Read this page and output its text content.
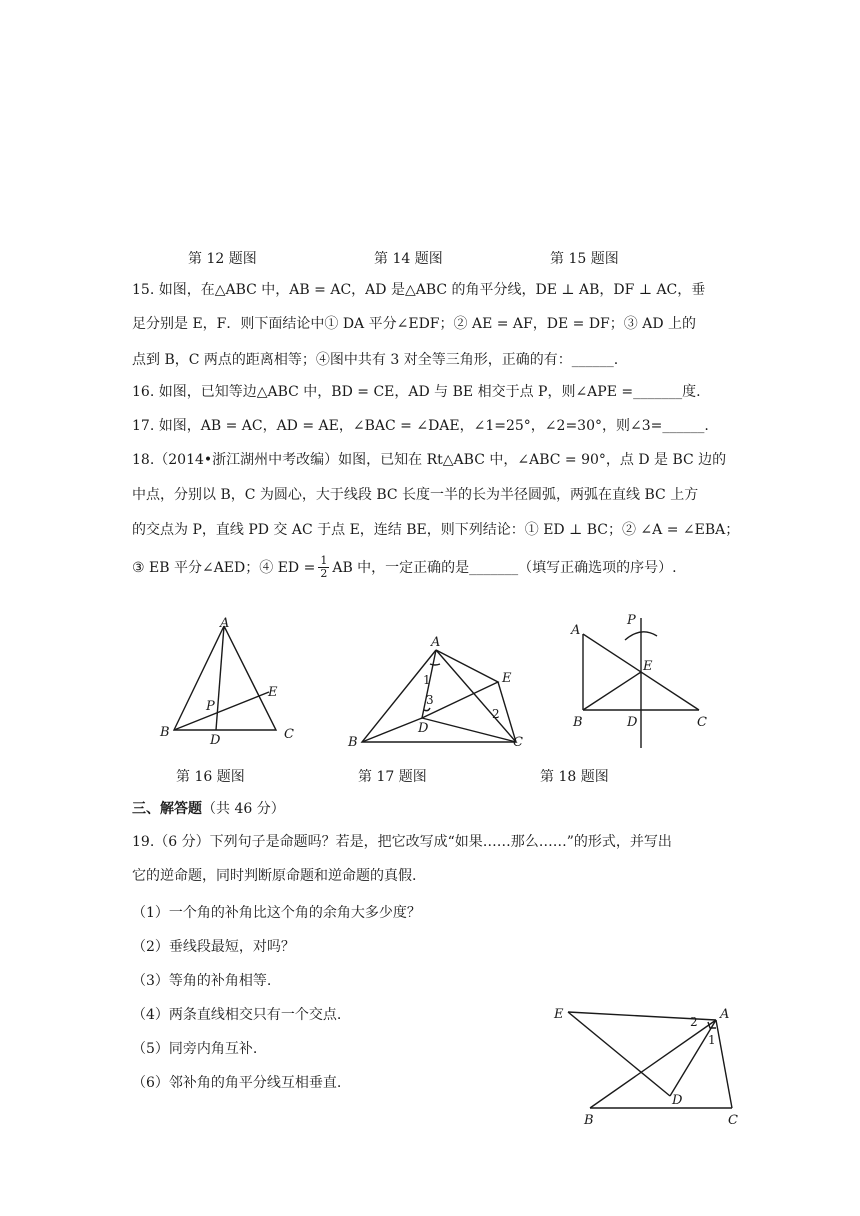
第 12 题图	第 14 题图	第 15 题图
15. 如图，在△ABC 中，AB = AC，AD 是△ABC 的角平分线，DE ⊥ AB，DF ⊥ AC，垂
足分别是 E，F．则下面结论中① DA 平分∠EDF；② AE = AF，DE = DF；③ AD 上的
点到 B，C 两点的距离相等；④图中共有 3 对全等三角形，正确的有：______.
16. 如图，已知等边△ABC 中，BD = CE，AD 与 BE 相交于点 P，则∠APE =_______度.
17. 如图，AB = AC，AD = AE，∠BAC = ∠DAE，∠1=25°，∠2=30°，则∠3=______.
18.（2014•浙江湖州中考改编）如图，已知在 Rt△ABC 中，∠ABC = 90°，点 D 是 BC 边的
中点，分别以 B，C 为圆心，大于线段 BC 长度一半的长为半径圆弧，两弧在直线 BC 上方
的交点为 P，直线 PD 交 AC 于点 E，连结 BE，则下列结论：① ED ⊥ BC；② ∠A = ∠EBA；
③ EB 平分∠AED；④ ED = $\frac{1}{2}$ AB 中，一定正确的是_______（填写正确选项的序号）.
A
B	C
D
E
P
第 16 题图
A
B	C
D
E
1
2
3
第 17 题图
A
B	C
D
E
P
第 18 题图
三、解答题（共 46 分）
19.（6 分）下列句子是命题吗？若是，把它改写成“如果……那么……”的形式，并写出
它的逆命题，同时判断原命题和逆命题的真假.
（1）一个角的补角比这个角的余角大多少度？
（2）垂线段最短，对吗？
（3）等角的补角相等.
（4）两条直线相交只有一个交点.
（5）同旁内角互补.
（6）邻补角的角平分线互相垂直.
E	A
B	C
D
2
1
